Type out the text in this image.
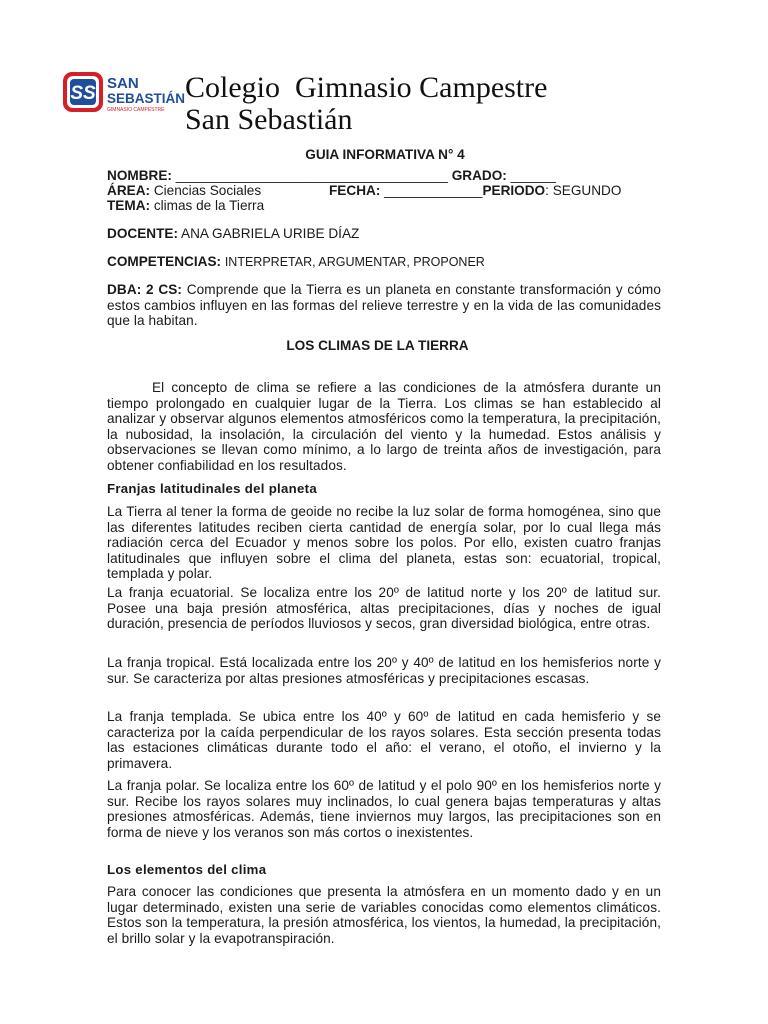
SS SAN
SEBASTIÁN
GIMNASIO CAMPESTRE
Colegio  Gimnasio Campestre
San Sebastián
GUIA INFORMATIVA N° 4
NOMBRE: ____________________________________ GRADO: ______
ÁREA: Ciencias Sociales	FECHA: _____________PERIODO: SEGUNDO
TEMA: climas de la Tierra
DOCENTE: ANA GABRIELA URIBE DÍAZ
COMPETENCIAS: INTERPRETAR, ARGUMENTAR, PROPONER
DBA: 2 CS: Comprende que la Tierra es un planeta en constante transformación y cómo estos cambios influyen en las formas del relieve terrestre y en la vida de las comunidades que la habitan.
LOS CLIMAS DE LA TIERRA
El concepto de clima se refiere a las condiciones de la atmósfera durante un tiempo prolongado en cualquier lugar de la Tierra. Los climas se han establecido al analizar y observar algunos elementos atmosféricos como la temperatura, la precipitación, la nubosidad, la insolación, la circulación del viento y la humedad. Estos análisis y observaciones se llevan como mínimo, a lo largo de treinta años de investigación, para obtener confiabilidad en los resultados.
Franjas latitudinales del planeta
La Tierra al tener la forma de geoide no recibe la luz solar de forma homogénea, sino que las diferentes latitudes reciben cierta cantidad de energía solar, por lo cual llega más radiación cerca del Ecuador y menos sobre los polos. Por ello, existen cuatro franjas latitudinales que influyen sobre el clima del planeta, estas son: ecuatorial, tropical, templada y polar.
La franja ecuatorial. Se localiza entre los 20º de latitud norte y los 20º de latitud sur. Posee una baja presión atmosférica, altas precipitaciones, días y noches de igual duración, presencia de períodos lluviosos y secos, gran diversidad biológica, entre otras.
La franja tropical. Está localizada entre los 20º y 40º de latitud en los hemisferios norte y sur. Se caracteriza por altas presiones atmosféricas y precipitaciones escasas.
La franja templada. Se ubica entre los 40º y 60º de latitud en cada hemisferio y se caracteriza por la caída perpendicular de los rayos solares. Esta sección presenta todas las estaciones climáticas durante todo el año: el verano, el otoño, el invierno y la primavera.
La franja polar. Se localiza entre los 60º de latitud y el polo 90º en los hemisferios norte y sur. Recibe los rayos solares muy inclinados, lo cual genera bajas temperaturas y altas presiones atmosféricas. Además, tiene inviernos muy largos, las precipitaciones son en forma de nieve y los veranos son más cortos o inexistentes.
Los elementos del clima
Para conocer las condiciones que presenta la atmósfera en un momento dado y en un lugar determinado, existen una serie de variables conocidas como elementos climáticos. Estos son la temperatura, la presión atmosférica, los vientos, la humedad, la precipitación, el brillo solar y la evapotranspiración.
